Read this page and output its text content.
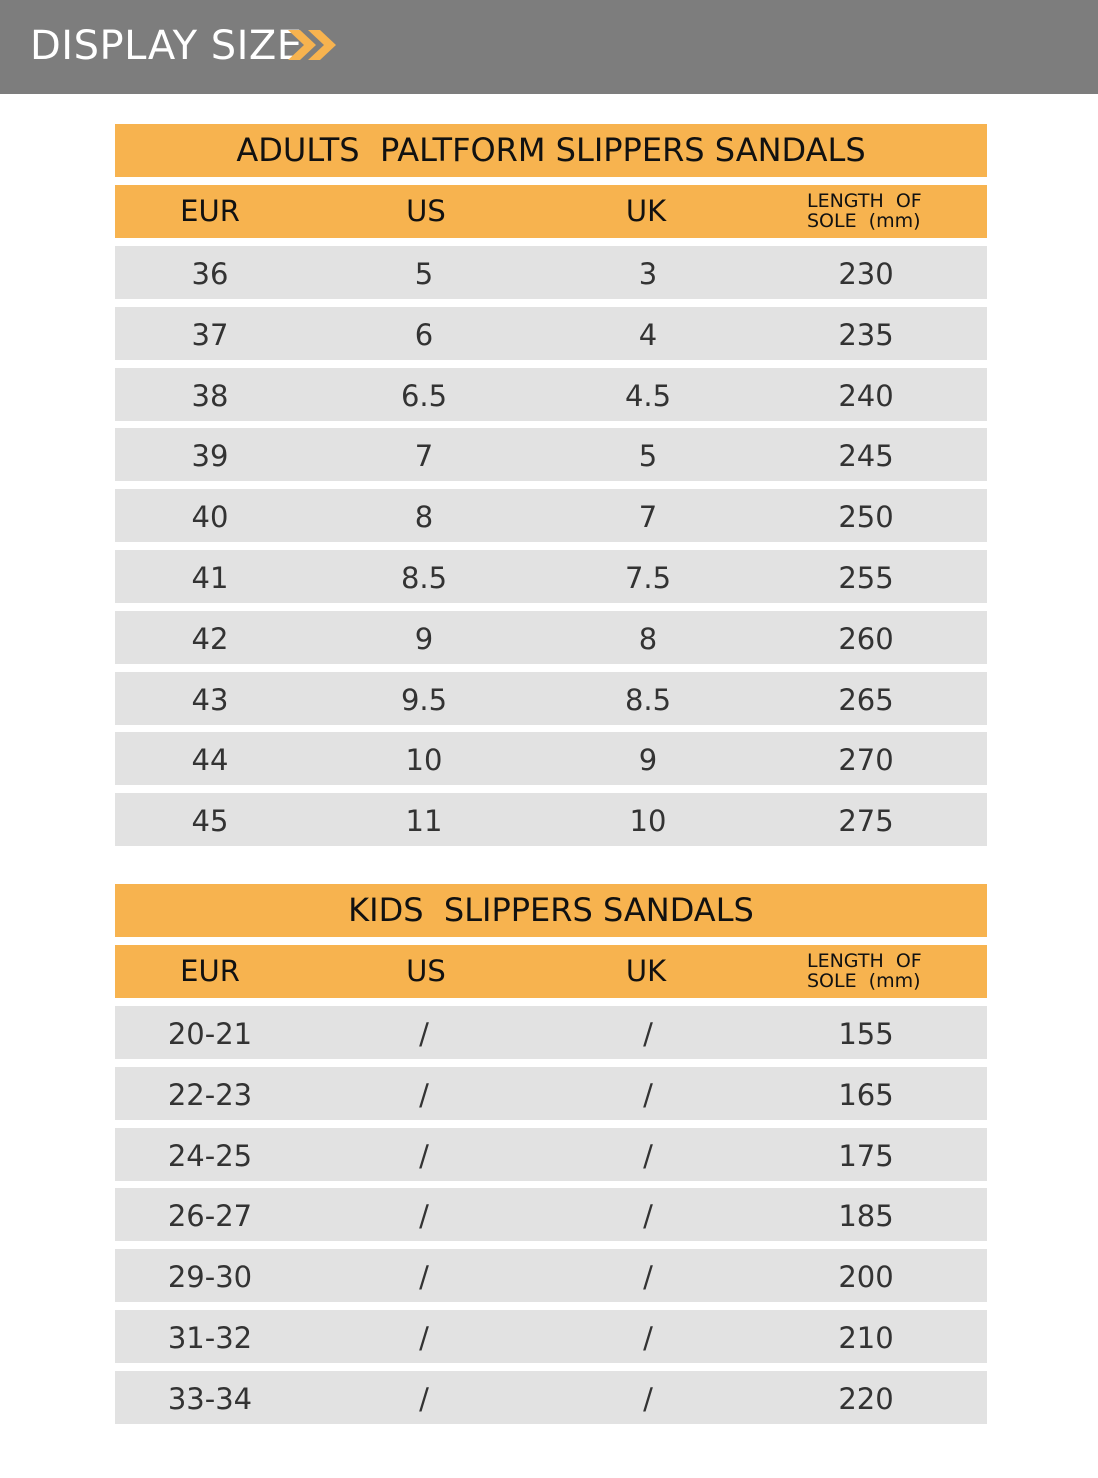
DISPLAY SIZE
ADULTS  PALTFORM SLIPPERS SANDALS
EUR	US	UK	LENGTH  OF
SOLE  (mm)
36	5	3	230
37	6	4	235
38	6.5	4.5	240
39	7	5	245
40	8	7	250
41	8.5	7.5	255
42	9	8	260
43	9.5	8.5	265
44	10	9	270
45	11	10	275
KIDS  SLIPPERS SANDALS
EUR	US	UK	LENGTH  OF
SOLE  (mm)
20-21	/	/	155
22-23	/	/	165
24-25	/	/	175
26-27	/	/	185
29-30	/	/	200
31-32	/	/	210
33-34	/	/	220
